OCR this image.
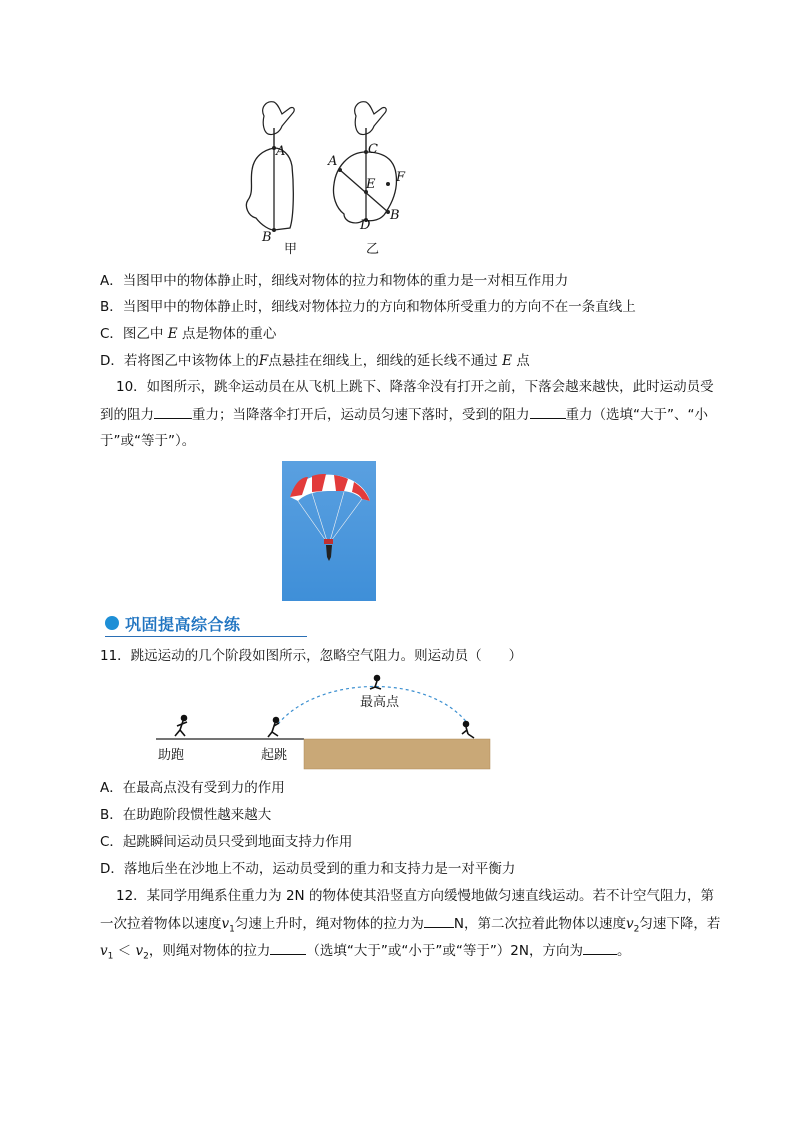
A
B
甲
A
C
E F
B
D
乙
A．当图甲中的物体静止时，细线对物体的拉力和物体的重力是一对相互作用力
B．当图甲中的物体静止时，细线对物体拉力的方向和物体所受重力的方向不在一条直线上
C．图乙中 E 点是物体的重心
D．若将图乙中该物体上的F点悬挂在细线上，细线的延长线不通过 E 点
10．如图所示，跳伞运动员在从飞机上跳下、降落伞没有打开之前，下落会越来越快，此时运动员受
到的阻力	重力；当降落伞打开后，运动员匀速下落时，受到的阻力	重力（选填“大于”、“小
于”或“等于”）。
巩固提高综合练
11．跳远运动的几个阶段如图所示，忽略空气阻力。则运动员（　　）
助跑	起跳
最高点
A．在最高点没有受到力的作用
B．在助跑阶段惯性越来越大
C．起跳瞬间运动员只受到地面支持力作用
D．落地后坐在沙地上不动，运动员受到的重力和支持力是一对平衡力
12．某同学用绳系住重力为 2N 的物体使其沿竖直方向缓慢地做匀速直线运动。若不计空气阻力，第
一次拉着物体以速度$v_1$匀速上升时，绳对物体的拉力为 N，第二次拉着此物体以速度$v_2$匀速下降，若
$v_1 < v_2$，则绳对物体的拉力	（选填“大于”或“小于”或“等于”）2N，方向为	。
